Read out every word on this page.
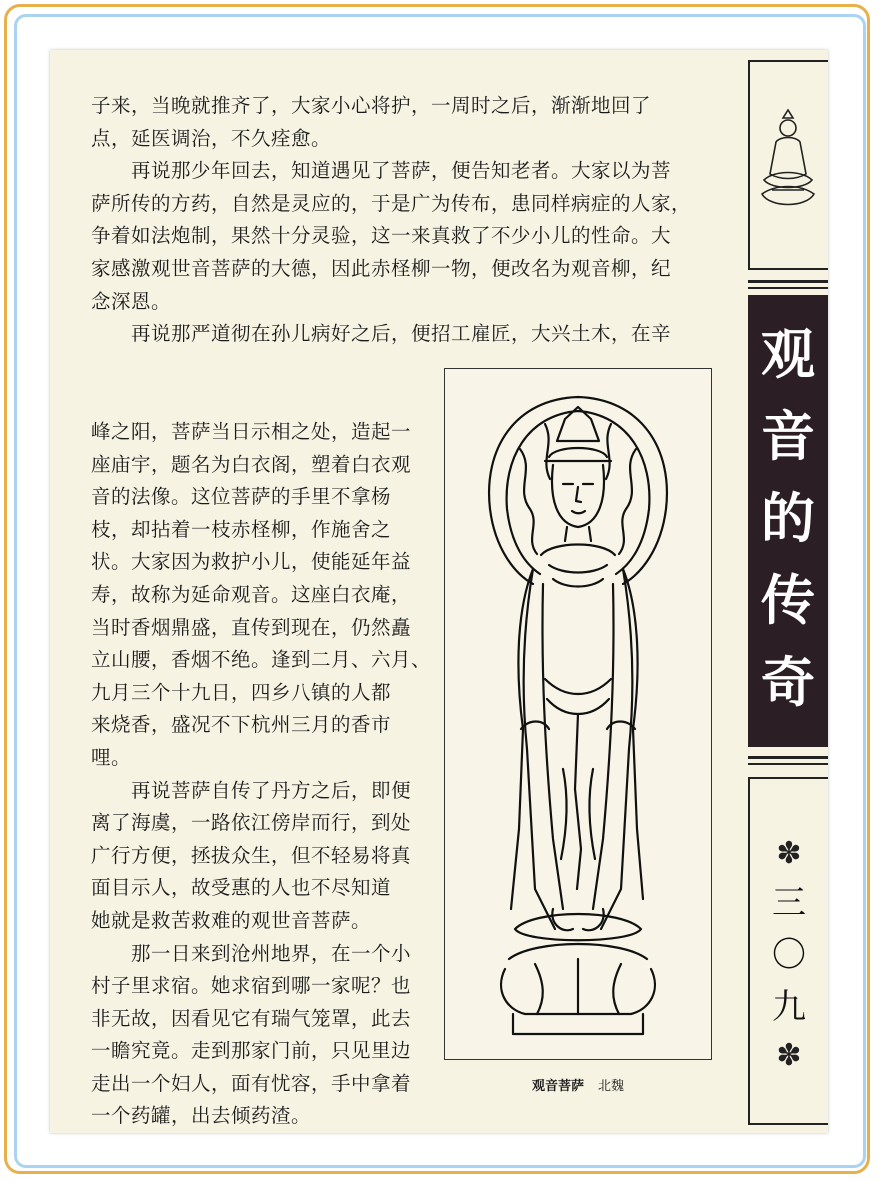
子来，当晚就推齐了，大家小心将护，一周时之后，渐渐地回了
点，延医调治，不久痊愈。
　　再说那少年回去，知道遇见了菩萨，便告知老者。大家以为菩
萨所传的方药，自然是灵应的，于是广为传布，患同样病症的人家，
争着如法炮制，果然十分灵验，这一来真救了不少小儿的性命。大
家感激观世音菩萨的大德，因此赤柽柳一物，便改名为观音柳，纪
念深恩。
　　再说那严道彻在孙儿病好之后，便招工雇匠，大兴土木，在辛
峰之阳，菩萨当日示相之处，造起一
座庙宇，题名为白衣阁，塑着白衣观
音的法像。这位菩萨的手里不拿杨
枝，却拈着一枝赤柽柳，作施舍之
状。大家因为救护小儿，使能延年益
寿，故称为延命观音。这座白衣庵，
当时香烟鼎盛，直传到现在，仍然矗
立山腰，香烟不绝。逢到二月、六月、
九月三个十九日，四乡八镇的人都
来烧香，盛况不下杭州三月的香市
哩。
　　再说菩萨自传了丹方之后，即便
离了海虞，一路依江傍岸而行，到处
广行方便，拯拔众生，但不轻易将真
面目示人，故受惠的人也不尽知道
她就是救苦救难的观世音菩萨。
　　那一日来到沧州地界，在一个小
村子里求宿。她求宿到哪一家呢？也
非无故，因看见它有瑞气笼罩，此去
一瞻究竟。走到那家门前，只见里边
走出一个妇人，面有忧容，手中拿着
一个药罐，出去倾药渣。
观音菩萨 北魏
观
音
的
传
奇
✽
三
〇
九
✽
